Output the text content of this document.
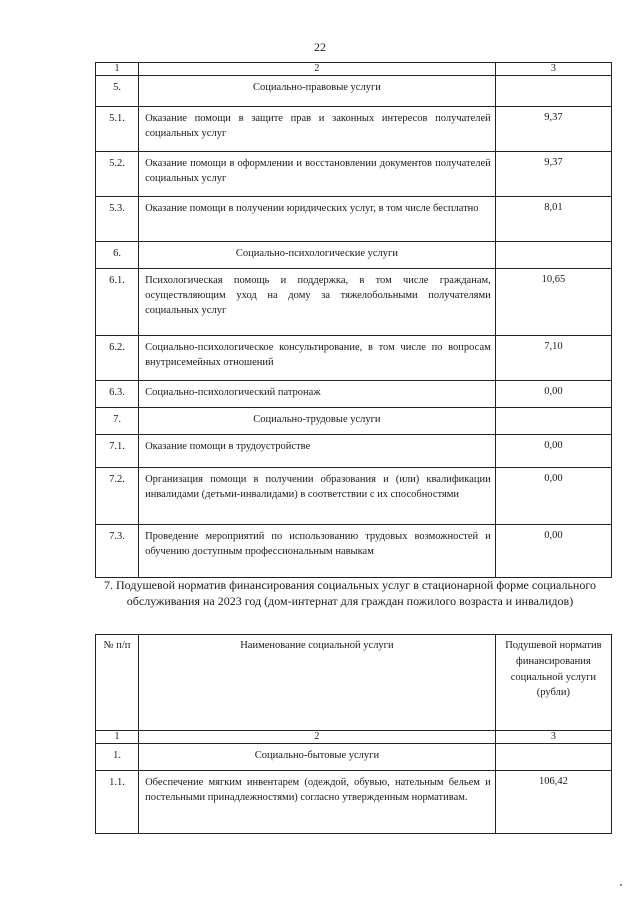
22
1	2	3
5.	Социально-правовые услуги	
5.1.	Оказание помощи в защите прав и законных интересов получателей социальных услуг	9,37
5.2.	Оказание помощи в оформлении и восстановлении документов получателей социальных услуг	9,37
5.3.	Оказание помощи в получении юридических услуг, в том числе бесплатно	8,01
6.	Социально-психологические услуги	
6.1.	Психологическая помощь и поддержка, в том числе гражданам, осуществляющим уход на дому за тяжелобольными получателями социальных услуг	10,65
6.2.	Социально-психологическое консультирование, в том числе по вопросам внутрисемейных отношений	7,10
6.3.	Социально-психологический патронаж	0,00
7.	Социально-трудовые услуги	
7.1.	Оказание помощи в трудоустройстве	0,00
7.2.	Организация помощи в получении образования и (или) квалификации инвалидами (детьми-инвалидами) в соответствии с их способностями	0,00
7.3.	Проведение мероприятий по использованию трудовых возможностей и обучению доступным профессиональным навыкам	0,00
7. Подушевой норматив финансирования социальных услуг в стационарной форме социального обслуживания на 2023 год (дом-интернат для граждан пожилого возраста и инвалидов)
№ п/п	Наименование социальной услуги	Подушевой норматив финансирования социальной услуги (рубли)
1	2	3
1.	Социально-бытовые услуги	
1.1.	Обеспечение мягким инвентарем (одеждой, обувью, нательным бельем и постельными принадлежностями) согласно утвержденным нормативам.	106,42
